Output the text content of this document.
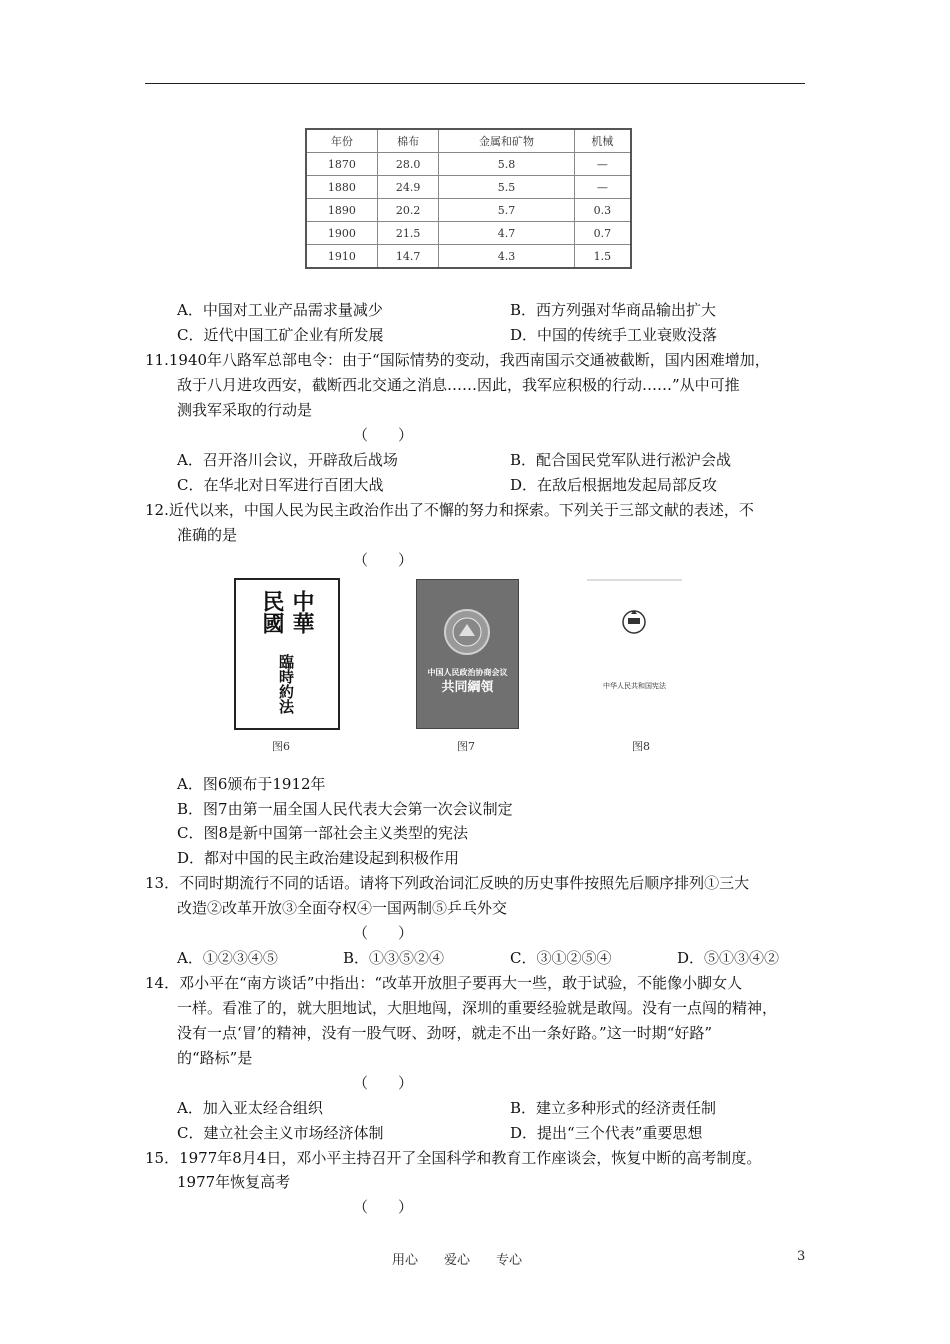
年份	棉布	金属和矿物	机械
1870	28.0	5.8	—
1880	24.9	5.5	—
1890	20.2	5.7	0.3
1900	21.5	4.7	0.7
1910	14.7	4.3	1.5
A．中国对工业产品需求量减少	B．西方列强对华商品输出扩大
C．近代中国工矿企业有所发展	D．中国的传统手工业衰败没落
11.1940年八路军总部电令：由于“国际情势的变动，我西南国示交通被截断，国内困难增加，
敌于八月进攻西安，截断西北交通之消息……因此，我军应积极的行动……”从中可推
测我军采取的行动是
（　　）
A．召开洛川会议，开辟敌后战场	B．配合国民党军队进行淞沪会战
C．在华北对日军进行百团大战	D．在敌后根据地发起局部反攻
12.近代以来，中国人民为民主政治作出了不懈的努力和探索。下列关于三部文献的表述，不
准确的是
（　　）
中華
民國
臨時約法
图6
中国人民政治协商会议
共同綱領
图7
中华人民共和国宪法
图8
A．图6颁布于1912年
B．图7由第一届全国人民代表大会第一次会议制定
C．图8是新中国第一部社会主义类型的宪法
D．都对中国的民主政治建设起到积极作用
13．不同时期流行不同的话语。请将下列政治词汇反映的历史事件按照先后顺序排列①三大
改造②改革开放③全面夺权④一国两制⑤乒乓外交
（　　）
A．①②③④⑤	B．①③⑤②④	C．③①②⑤④	D．⑤①③④②
14．邓小平在“南方谈话”中指出：“改革开放胆子要再大一些，敢于试验，不能像小脚女人
一样。看准了的，就大胆地试，大胆地闯，深圳的重要经验就是敢闯。没有一点闯的精神，
没有一点‘冒’的精神，没有一股气呀、劲呀，就走不出一条好路。”这一时期“好路”
的“路标”是
（　　）
A．加入亚太经合组织	B．建立多种形式的经济责任制
C．建立社会主义市场经济体制	D．提出“三个代表”重要思想
15．1977年8月4日，邓小平主持召开了全国科学和教育工作座谈会，恢复中断的高考制度。
1977年恢复高考
（　　）
用心　　爱心　　专心	3
